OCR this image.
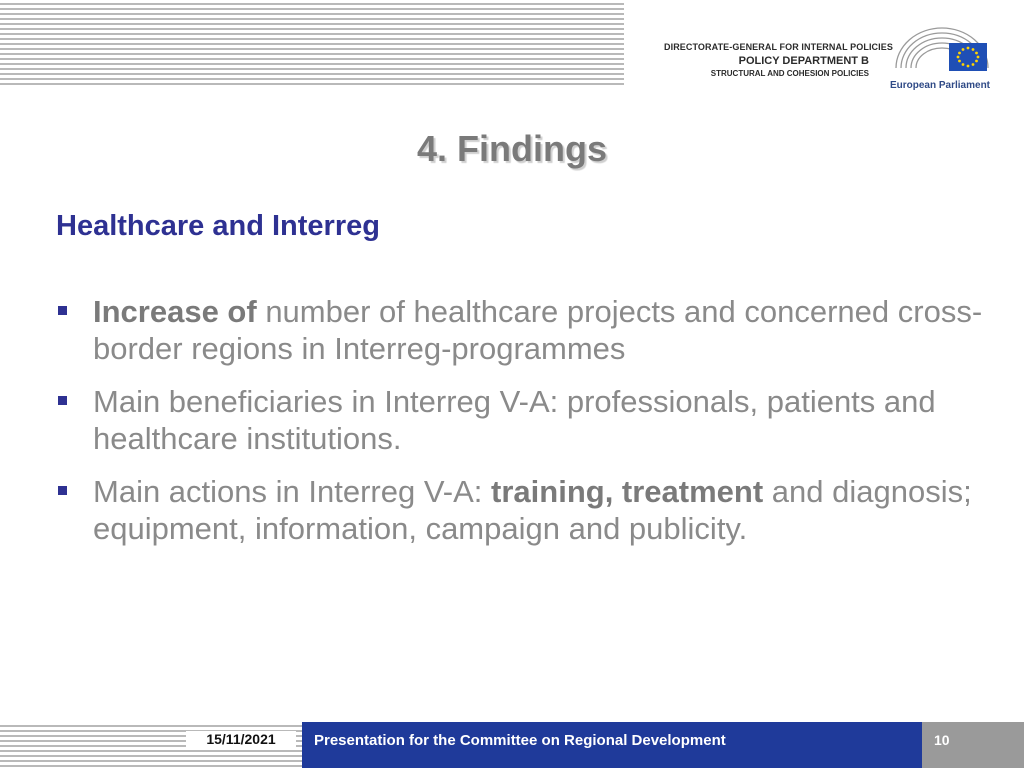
DIRECTORATE-GENERAL FOR INTERNAL POLICIES
POLICY DEPARTMENT B
STRUCTURAL AND COHESION POLICIES
European Parliament
4. Findings
Healthcare and Interreg
Increase of number of healthcare projects and concerned cross-border regions in Interreg-programmes
Main beneficiaries in Interreg V-A: professionals, patients and healthcare institutions.
Main actions in Interreg V-A: training, treatment and diagnosis; equipment, information, campaign and publicity.
15/11/2021	Presentation for the Committee on Regional Development	10
